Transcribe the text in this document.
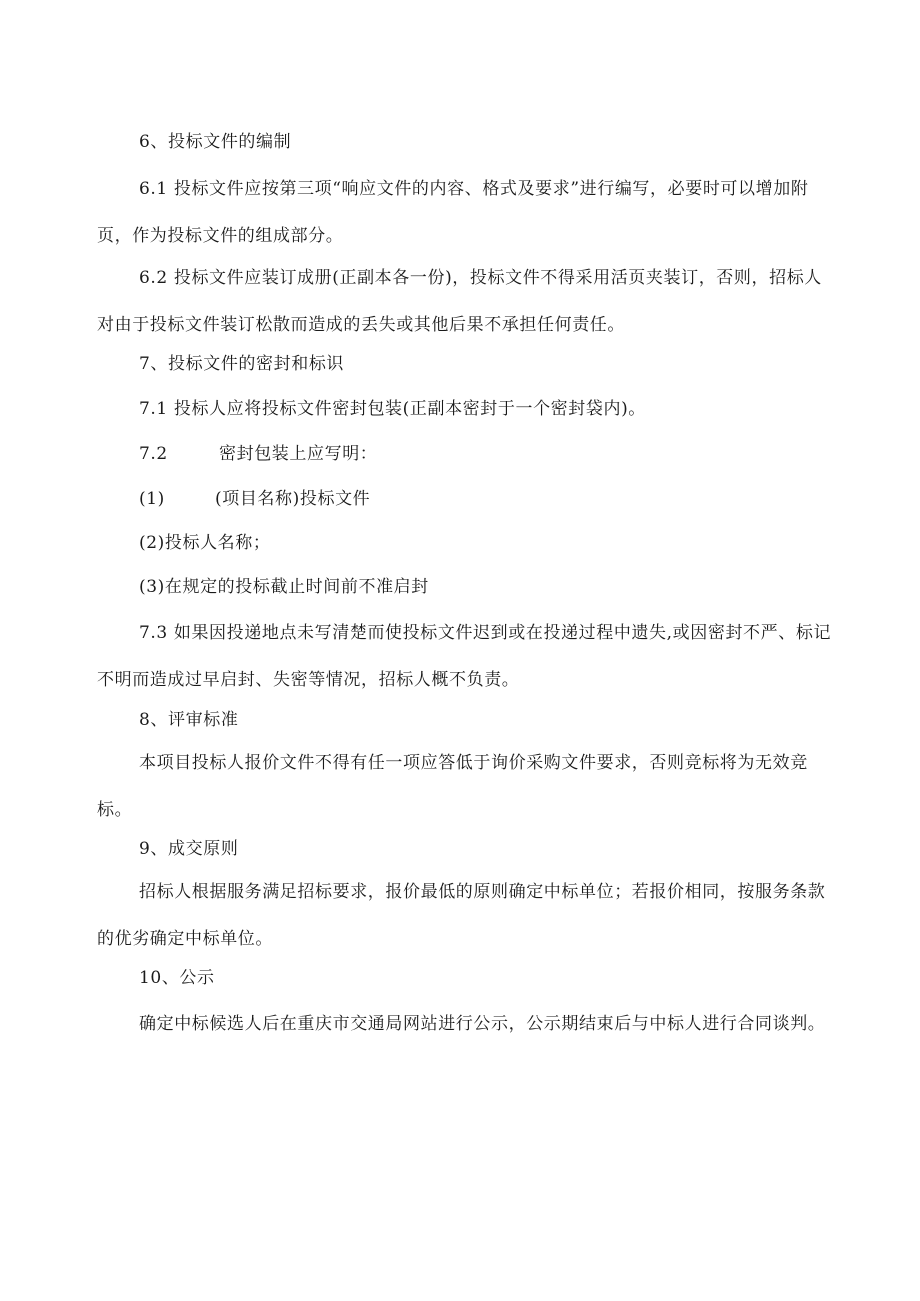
6、投标文件的编制

6.1 投标文件应按第三项“响应文件的内容、格式及要求”进行编写，必要时可以增加附页，作为投标文件的组成部分。

6.2 投标文件应装订成册(正副本各一份)，投标文件不得采用活页夹装订，否则，招标人对由于投标文件装订松散而造成的丢失或其他后果不承担任何责任。

7、投标文件的密封和标识

7.1 投标人应将投标文件密封包装(正副本密封于一个密封袋内)。

7.2	密封包装上应写明：

(1)	(项目名称)投标文件

(2)投标人名称；

(3)在规定的投标截止时间前不准启封

7.3 如果因投递地点未写清楚而使投标文件迟到或在投递过程中遗失,或因密封不严、标记不明而造成过早启封、失密等情况，招标人概不负责。

8、评审标准

本项目投标人报价文件不得有任一项应答低于询价采购文件要求，否则竞标将为无效竞标。

9、成交原则

招标人根据服务满足招标要求，报价最低的原则确定中标单位；若报价相同，按服务条款的优劣确定中标单位。

10、公示

确定中标候选人后在重庆市交通局网站进行公示，公示期结束后与中标人进行合同谈判。
